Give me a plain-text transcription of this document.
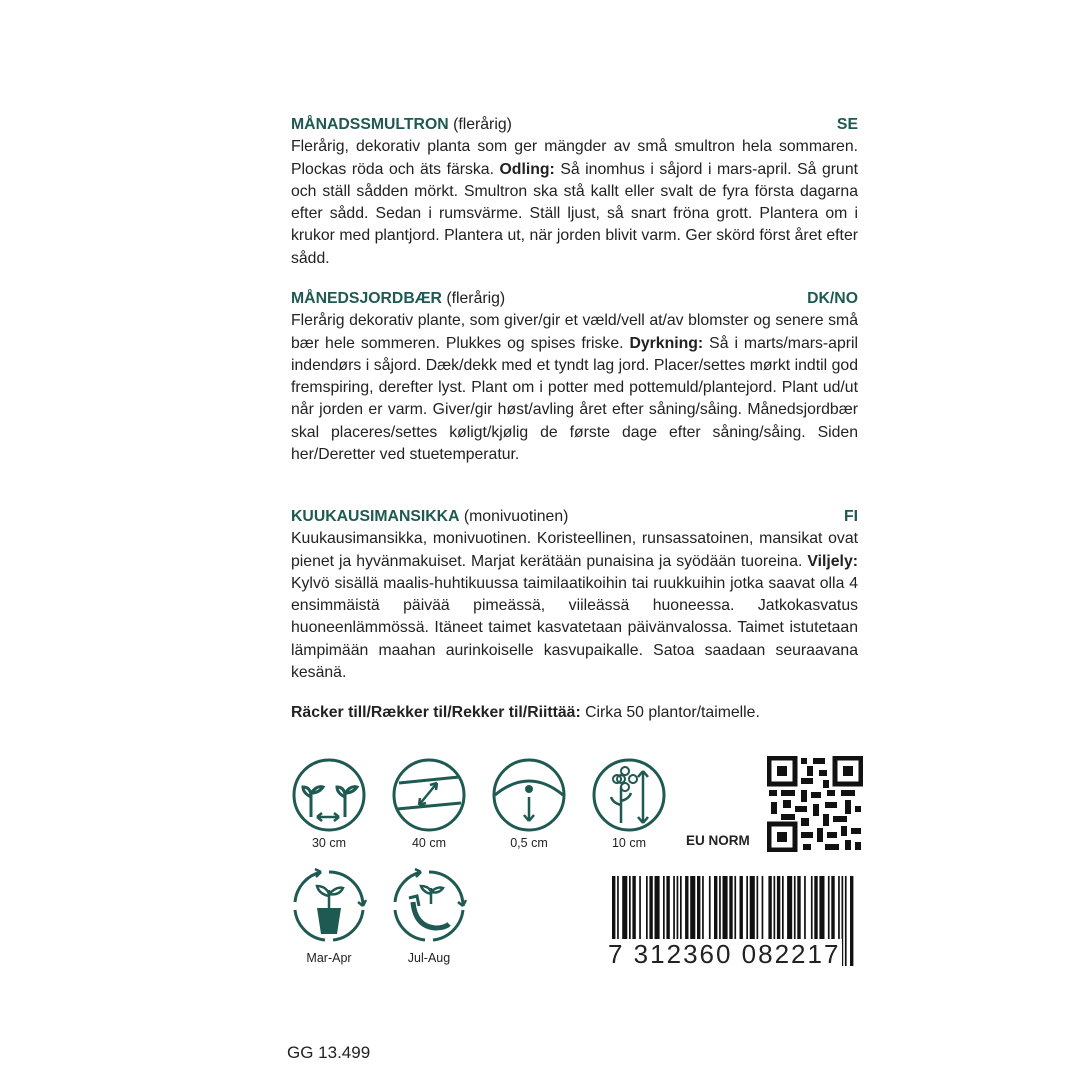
MÅNADSSMULTRON (flerårig)	SE
Flerårig, dekorativ planta som ger mängder av små smultron hela sommaren. Plockas röda och äts färska. Odling: Så inomhus i såjord i mars-april. Så grunt och ställ sådden mörkt. Smultron ska stå kallt eller svalt de fyra första dagarna efter sådd. Sedan i rumsvärme. Ställ ljust, så snart fröna grott. Plantera om i krukor med plantjord. Plantera ut, när jorden blivit varm. Ger skörd först året efter sådd.
MÅNEDSJORDBÆR (flerårig)	DK/NO
Flerårig dekorativ plante, som giver/gir et væld/vell at/av blomster og senere små bær hele sommeren. Plukkes og spises friske. Dyrkning: Så i marts/mars-april indendørs i såjord. Dæk/dekk med et tyndt lag jord. Placer/settes mørkt indtil god fremspiring, derefter lyst. Plant om i potter med pottemuld/plantejord. Plant ud/ut når jorden er varm. Giver/gir høst/avling året efter såning/såing. Månedsjordbær skal placeres/settes køligt/kjølig de første dage efter såning/såing. Siden her/Deretter ved stuetemperatur.
KUUKAUSIMANSIKKA (monivuotinen)	FI
Kuukausimansikka, monivuotinen. Koristeellinen, runsassatoinen, mansikat ovat pienet ja hyvänmakuiset. Marjat kerätään punaisina ja syödään tuoreina. Viljely: Kylvö sisällä maalis-huhtikuussa taimilaatikoihin tai ruukkuihin jotka saavat olla 4 ensimmäistä päivää pimeässä, viileässä huoneessa. Jatkokasvatus huoneenlämmössä. Itäneet taimet kasvatetaan päivänvalossa. Taimet istutetaan lämpimään maahan aurinkoiselle kasvupaikalle. Satoa saadaan seuraavana kesänä.
Räcker till/Rækker til/Rekker til/Riittää: Cirka 50 plantor/taimelle.
30 cm	40 cm	0,5 cm	10 cm	EU NORM
Mar-Apr	Jul-Aug	7 312360 082217
GG 13.499
